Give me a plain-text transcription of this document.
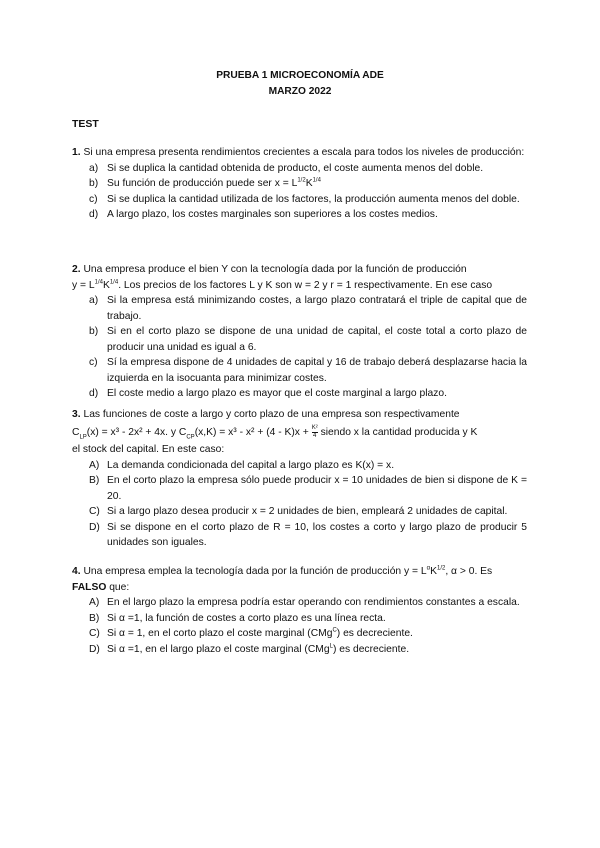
PRUEBA 1 MICROECONOMÍA ADE
MARZO 2022
TEST

1. Si una empresa presenta rendimientos crecientes a escala para todos los niveles de producción:

a) Si se duplica la cantidad obtenida de producto, el coste aumenta menos del doble.
b) Su función de producción puede ser $x = L^{1/2}K^{1/4}$
c) Si se duplica la cantidad utilizada de los factores, la producción aumenta menos del doble.
d) A largo plazo, los costes marginales son superiores a los costes medios.

2. Una empresa produce el bien Y con la tecnología dada por la función de producción

$y = L^{1/4}K^{1/4}$. Los precios de los factores L y K son w = 2 y r = 1 respectivamente. En ese caso

a) Si la empresa está minimizando costes, a largo plazo contratará el triple de capital que de trabajo.
b) Si en el corto plazo se dispone de una unidad de capital, el coste total a corto plazo de producir una unidad es igual a 6.
c) Sí la empresa dispone de 4 unidades de capital y 16 de trabajo deberá desplazarse hacia la izquierda en la isocuanta para minimizar costes.
d) El coste medio a largo plazo es mayor que el coste marginal a largo plazo.

3. Las funciones de coste a largo y corto plazo de una empresa son respectivamente

$C_{LP}(x) = x^3 - 2x^2 + 4x$. y $C_{CP}(x,K) = x^3 - x^2 + (4 - K)x + \frac{\text{K²}}{4}$ siendo x la cantidad producida y K

el stock del capital. En este caso:

A) La demanda condicionada del capital a largo plazo es K(x) = x.
B) En el corto plazo la empresa sólo puede producir x = 10 unidades de bien si dispone de K = 20.
C) Si a largo plazo desea producir x = 2 unidades de bien, empleará 2 unidades de capital.
D) Si se dispone en el corto plazo de R = 10, los costes a corto y largo plazo de producir 5 unidades son iguales.

4. Una empresa emplea la tecnología dada por la función de producción $y = L^\alpha K^{1/2}$, α > 0. Es

FALSO que:

A) En el largo plazo la empresa podría estar operando con rendimientos constantes a escala.
B) Si α =1, la función de costes a corto plazo es una línea recta.
C) Si α = 1, en el corto plazo el coste marginal (CMg$^C$) es decreciente.
D) Si α =1, en el largo plazo el coste marginal (CMg$^L$) es decreciente.
